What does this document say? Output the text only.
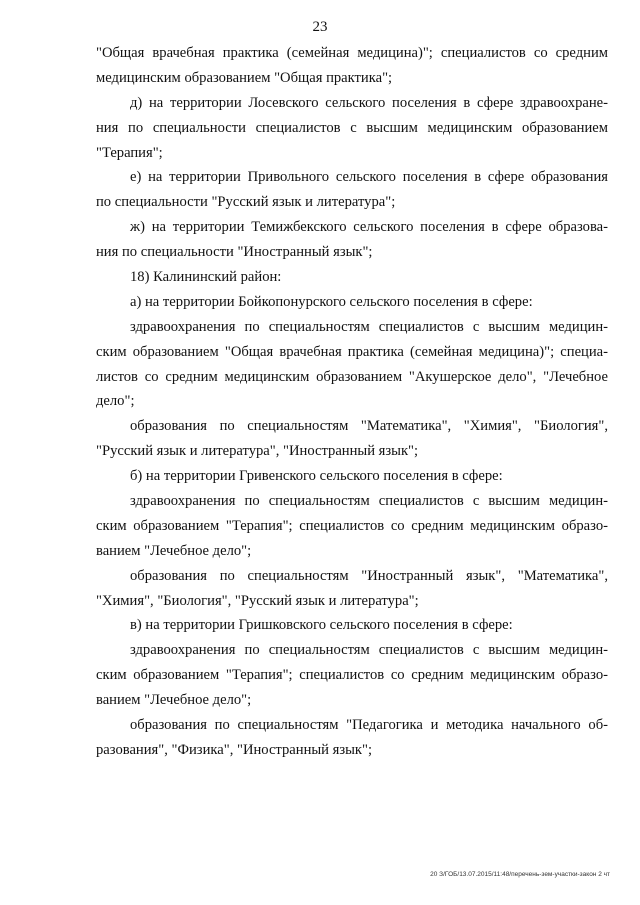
23
"Общая врачебная практика (семейная медицина)"; специалистов со средним
медицинским образованием "Общая практика";
д) на территории Лосевского сельского поселения в сфере здравоохране-
ния по специальности специалистов с высшим медицинским образованием
"Терапия";
е) на территории Привольного сельского поселения в сфере образования
по специальности "Русский язык и литература";
ж) на территории Темижбекского сельского поселения в сфере образова-
ния по специальности "Иностранный язык";
18) Калининский район:
а) на территории Бойкопонурского сельского поселения в сфере:
здравоохранения по специальностям специалистов с высшим медицин-
ским образованием "Общая врачебная практика (семейная медицина)"; специа-
листов со средним медицинским образованием "Акушерское дело", "Лечебное
дело";
образования по специальностям "Математика", "Химия", "Биология",
"Русский язык и литература", "Иностранный язык";
б) на территории Гривенского сельского поселения в сфере:
здравоохранения по специальностям специалистов с высшим медицин-
ским образованием "Терапия"; специалистов со средним медицинским образо-
ванием "Лечебное дело";
образования по специальностям "Иностранный язык", "Математика",
"Химия", "Биология", "Русский язык и литература";
в) на территории Гришковского сельского поселения в сфере:
здравоохранения по специальностям специалистов с высшим медицин-
ским образованием "Терапия"; специалистов со средним медицинским образо-
ванием "Лечебное дело";
образования по специальностям "Педагогика и методика начального об-
разования", "Физика", "Иностранный язык";
20 З/ГОБ/13.07.2015/11:48/перечень-зем-участки-закон 2 чт
